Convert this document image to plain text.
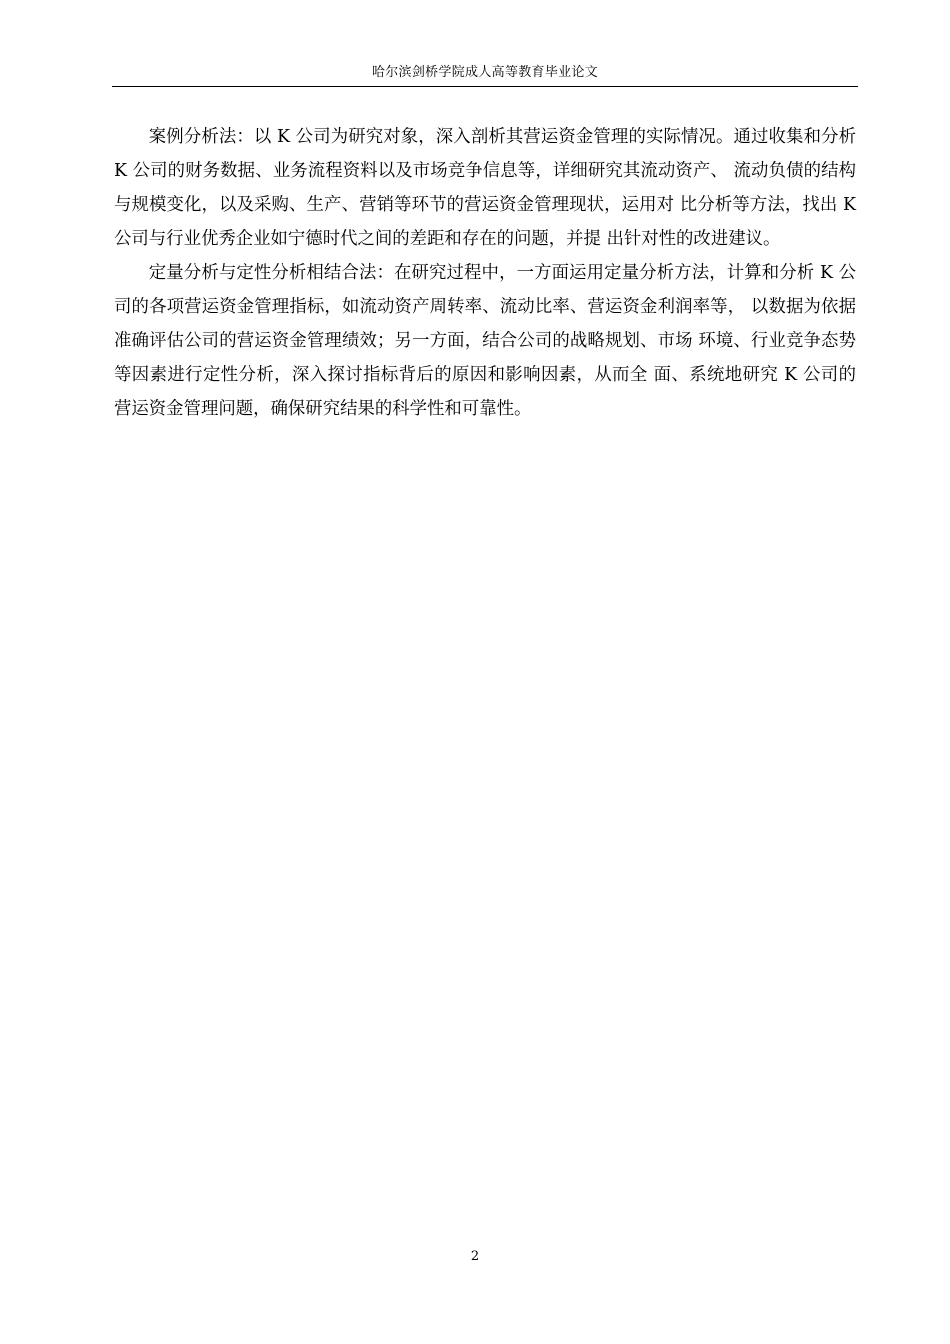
哈尔滨剑桥学院成人高等教育毕业论文

案例分析法：以 K 公司为研究对象，深入剖析其营运资金管理的实际情况。通过收集和分析 K 公司的财务数据、业务流程资料以及市场竞争信息等，详细研究其流动资产、 流动负债的结构与规模变化，以及采购、生产、营销等环节的营运资金管理现状，运用对 比分析等方法，找出 K 公司与行业优秀企业如宁德时代之间的差距和存在的问题，并提 出针对性的改进建议。

定量分析与定性分析相结合法：在研究过程中，一方面运用定量分析方法，计算和分析 K 公司的各项营运资金管理指标，如流动资产周转率、流动比率、营运资金利润率等， 以数据为依据准确评估公司的营运资金管理绩效；另一方面，结合公司的战略规划、市场 环境、行业竞争态势等因素进行定性分析，深入探讨指标背后的原因和影响因素，从而全 面、系统地研究 K 公司的营运资金管理问题，确保研究结果的科学性和可靠性。

2
